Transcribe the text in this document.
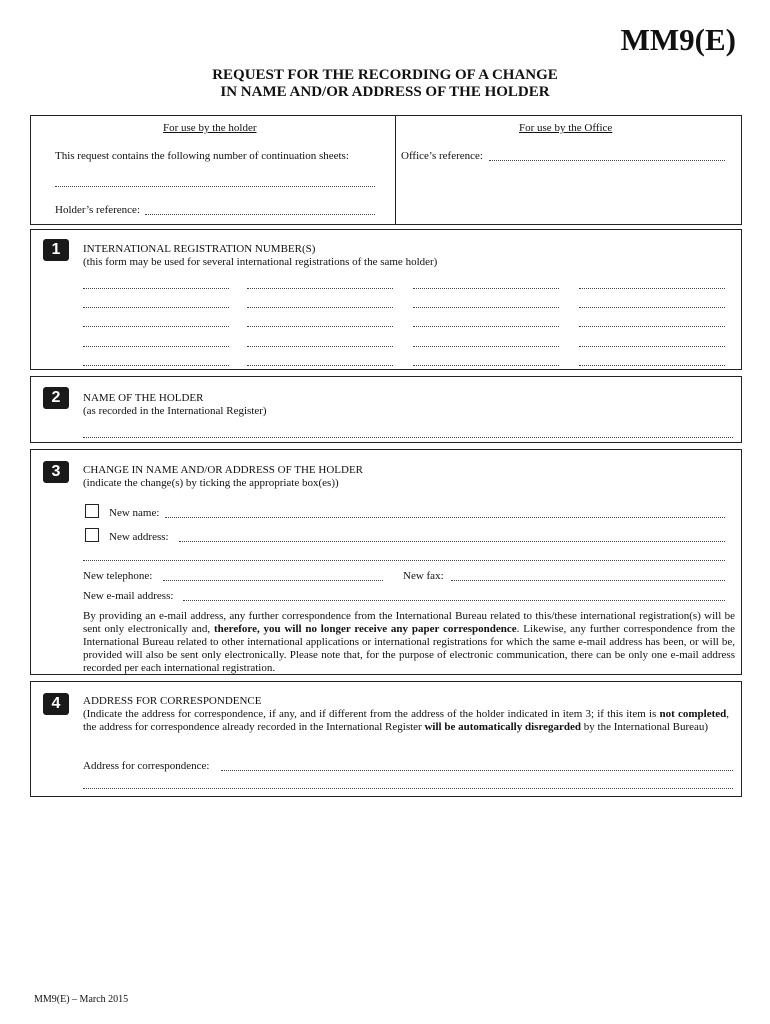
MM9(E)
REQUEST FOR THE RECORDING OF A CHANGE
IN NAME AND/OR ADDRESS OF THE HOLDER
For use by the holder	For use by the Office
This request contains the following number of continuation sheets:
Holder’s reference:
Office’s reference:
1	INTERNATIONAL REGISTRATION NUMBER(S)
(this form may be used for several international registrations of the same holder)
2	NAME OF THE HOLDER
(as recorded in the International Register)
3	CHANGE IN NAME AND/OR ADDRESS OF THE HOLDER
(indicate the change(s) by ticking the appropriate box(es))
New name:
New address:
New telephone:	New fax:
New e-mail address:
By providing an e-mail address, any further correspondence from the International Bureau related to this/these international registration(s) will be sent only electronically and, therefore, you will no longer receive any paper correspondence. Likewise, any further correspondence from the International Bureau related to other international applications or international registrations for which the same e-mail address has been, or will be, provided will also be sent only electronically. Please note that, for the purpose of electronic communication, there can be only one e-mail address recorded per each international registration.
4	ADDRESS FOR CORRESPONDENCE
(Indicate the address for correspondence, if any, and if different from the address of the holder indicated in item 3; if this item is not completed, the address for correspondence already recorded in the International Register will be automatically disregarded by the International Bureau)
Address for correspondence:
MM9(E) – March 2015
